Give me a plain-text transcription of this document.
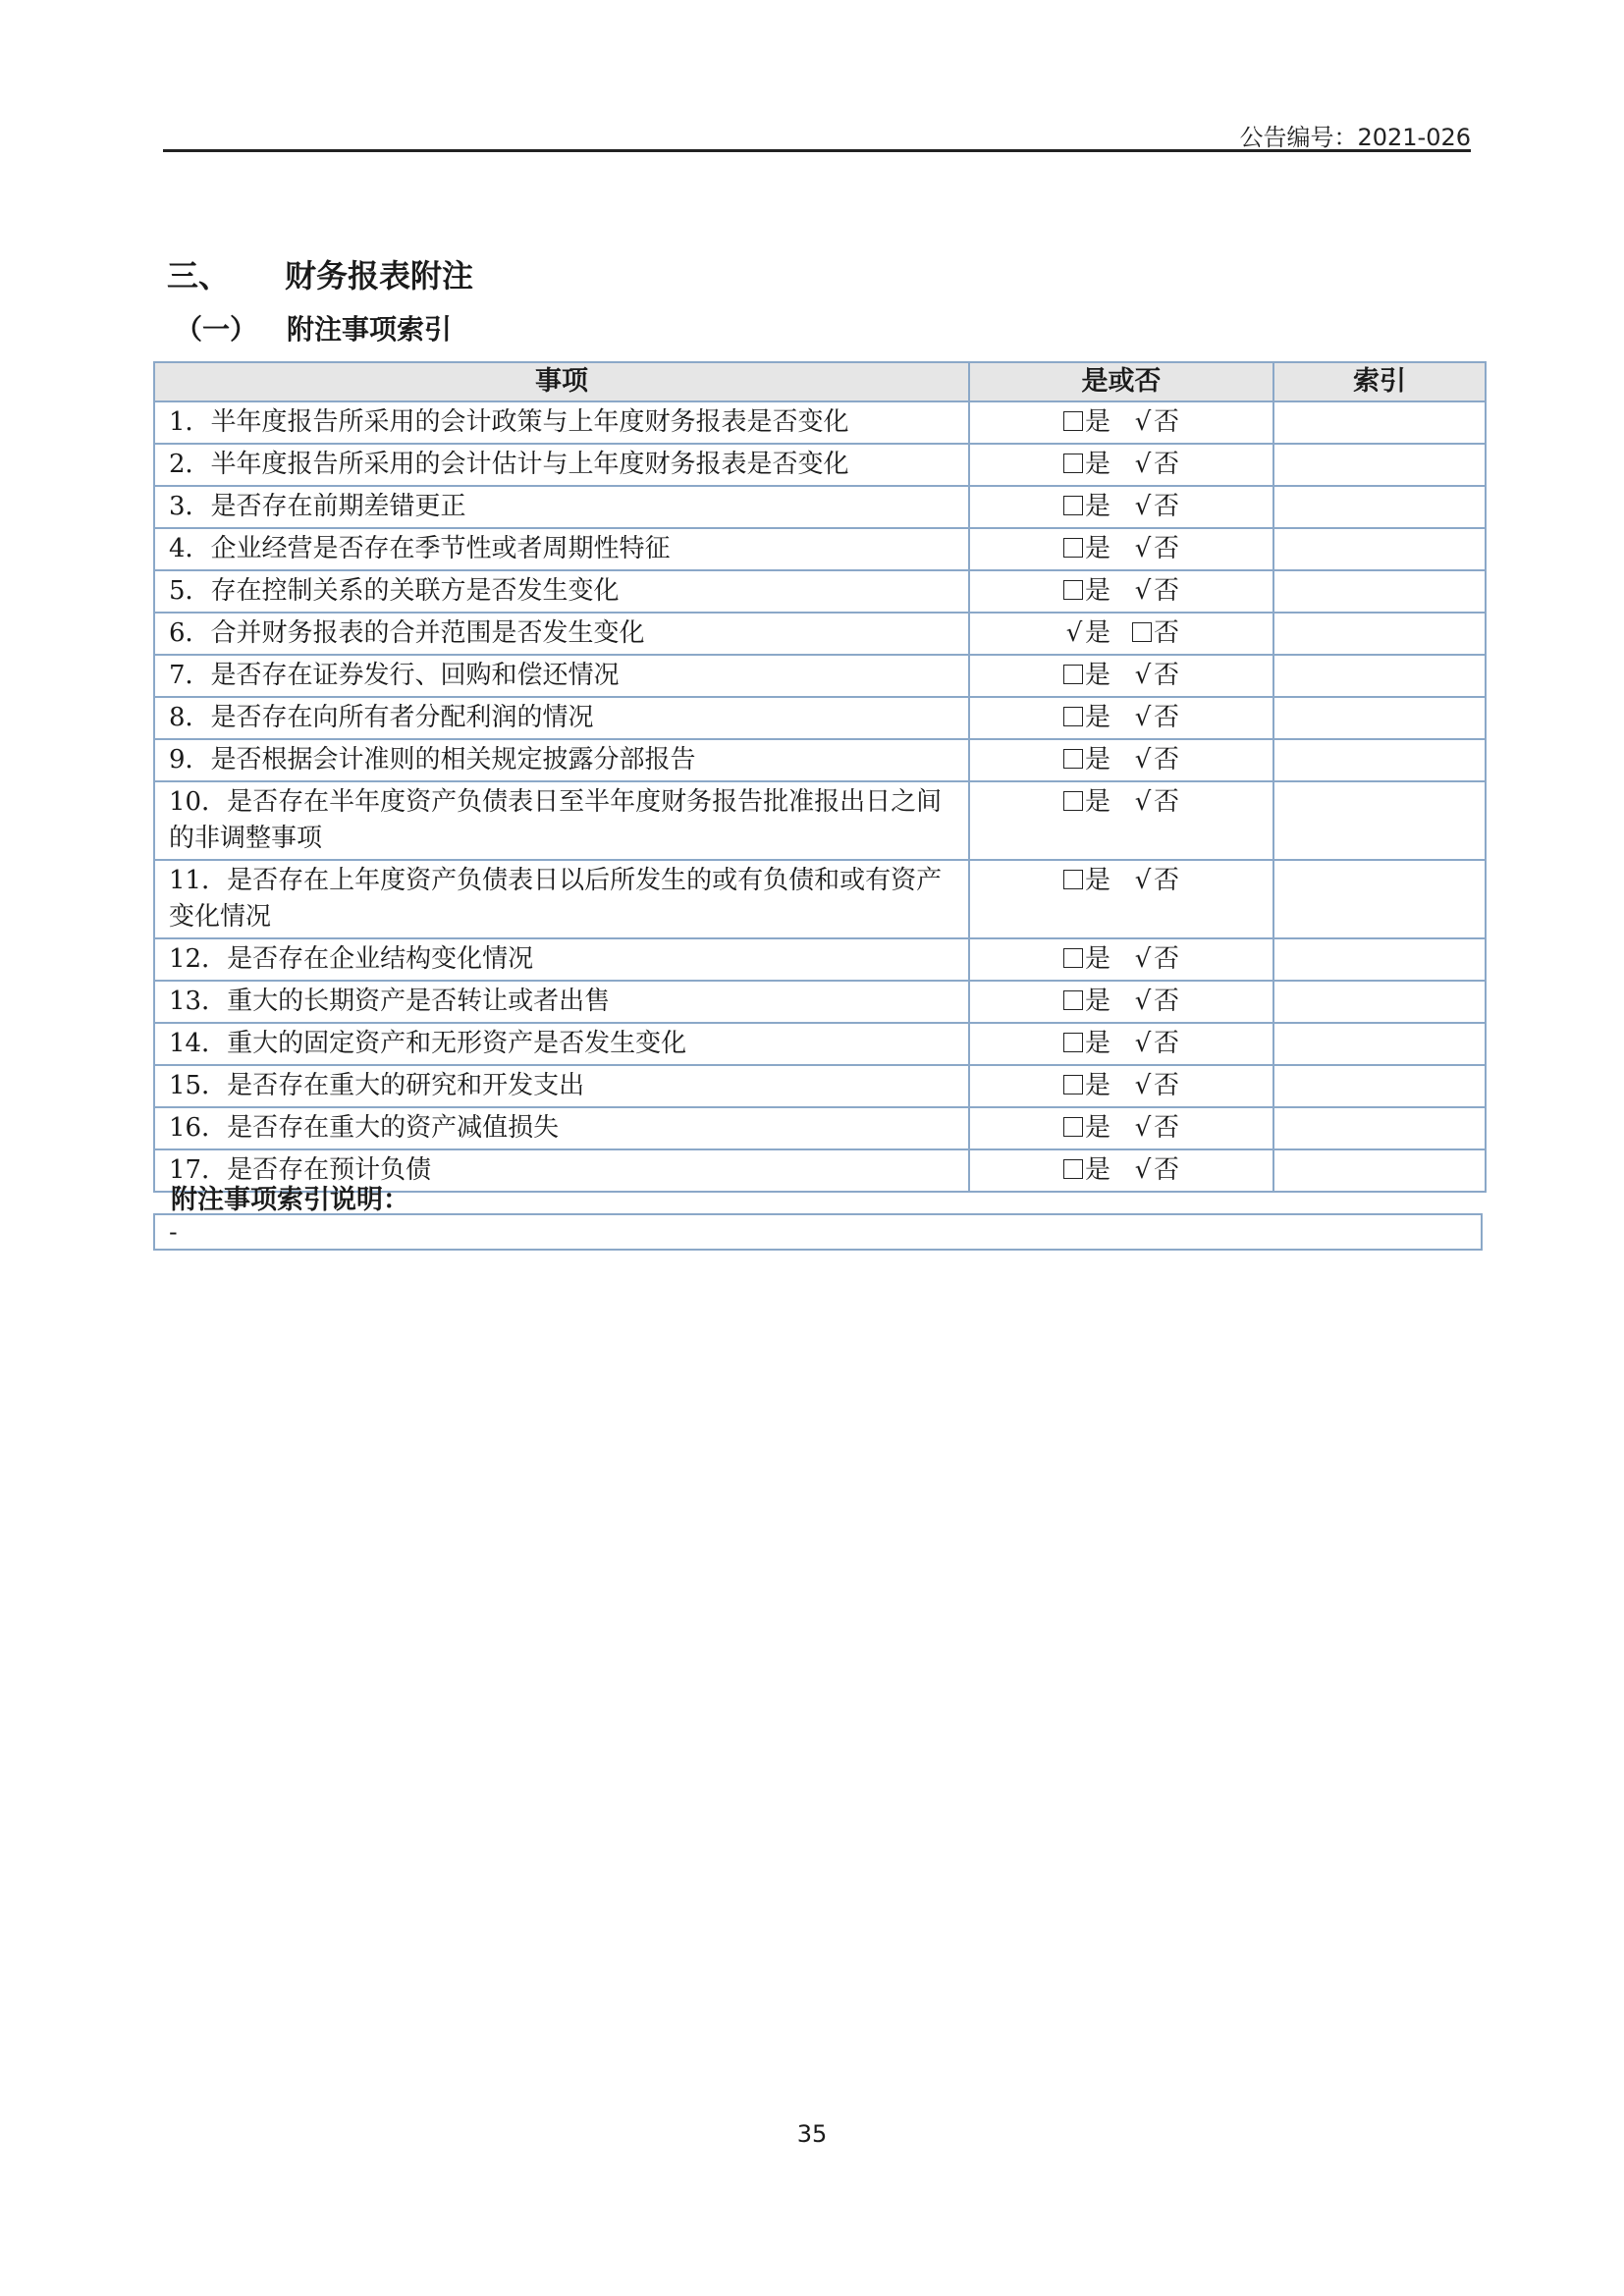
公告编号：2021-026
三、	财务报表附注
（一）	附注事项索引
事项	是或否	索引
1．半年度报告所采用的会计政策与上年度财务报表是否变化	是 √ 否	
2．半年度报告所采用的会计估计与上年度财务报表是否变化	是 √ 否	
3．是否存在前期差错更正	是 √ 否	
4．企业经营是否存在季节性或者周期性特征	是 √ 否	
5．存在控制关系的关联方是否发生变化	是 √ 否	
6．合并财务报表的合并范围是否发生变化	√ 是 否	
7．是否存在证券发行、回购和偿还情况	是 √ 否	
8．是否存在向所有者分配利润的情况	是 √ 否	
9．是否根据会计准则的相关规定披露分部报告	是 √ 否	
10．是否存在半年度资产负债表日至半年度财务报告批准报出日之间的非调整事项	是 √ 否	
11．是否存在上年度资产负债表日以后所发生的或有负债和或有资产变化情况	是 √ 否	
12．是否存在企业结构变化情况	是 √ 否	
13．重大的长期资产是否转让或者出售	是 √ 否	
14．重大的固定资产和无形资产是否发生变化	是 √ 否	
15．是否存在重大的研究和开发支出	是 √ 否	
16．是否存在重大的资产减值损失	是 √ 否	
17．是否存在预计负债	是 √ 否	
附注事项索引说明：
-
35
